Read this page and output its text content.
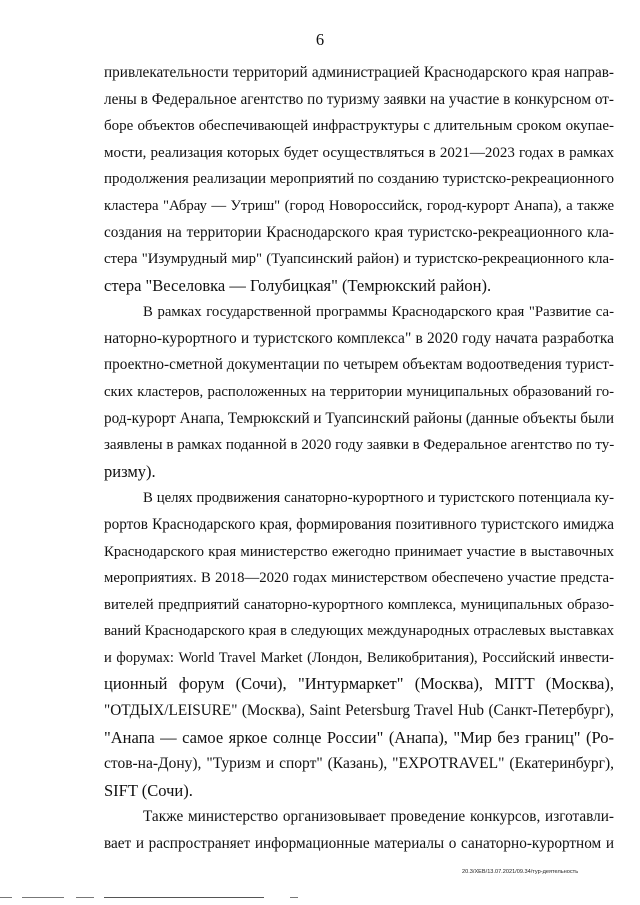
6
привлекательности территорий администрацией Краснодарского края направ-
лены в Федеральное агентство по туризму заявки на участие в конкурсном от-
боре объектов обеспечивающей инфраструктуры с длительным сроком окупае-
мости, реализация которых будет осуществляться в 2021—2023 годах в рамках
продолжения реализации мероприятий по созданию туристско-рекреационного
кластера "Абрау — Утриш" (город Новороссийск, город-курорт Анапа), а также
создания на территории Краснодарского края туристско-рекреационного кла-
стера "Изумрудный мир" (Туапсинский район) и туристско-рекреационного кла-
стера "Веселовка — Голубицкая" (Темрюкский район).
В рамках государственной программы Краснодарского края "Развитие са-
наторно-курортного и туристского комплекса" в 2020 году начата разработка
проектно-сметной документации по четырем объектам водоотведения турист-
ских кластеров, расположенных на территории муниципальных образований го-
род-курорт Анапа, Темрюкский и Туапсинский районы (данные объекты были
заявлены в рамках поданной в 2020 году заявки в Федеральное агентство по ту-
ризму).
В целях продвижения санаторно-курортного и туристского потенциала ку-
рортов Краснодарского края, формирования позитивного туристского имиджа
Краснодарского края министерство ежегодно принимает участие в выставочных
мероприятиях. В 2018—2020 годах министерством обеспечено участие предста-
вителей предприятий санаторно-курортного комплекса, муниципальных образо-
ваний Краснодарского края в следующих международных отраслевых выставках
и форумах: World Travel Market (Лондон, Великобритания), Российский инвести-
ционный форум (Сочи), "Интурмаркет" (Москва), MITT (Москва),
"ОТДЫХ/LEISURE" (Москва), Saint Petersburg Travel Hub (Санкт-Петербург),
"Анапа — самое яркое солнце России" (Анапа), "Мир без границ" (Ро-
стов-на-Дону), "Туризм и спорт" (Казань), "EXPOTRAVEL" (Екатеринбург),
SIFT (Сочи).
Также министерство организовывает проведение конкурсов, изготавли-
вает и распространяет информационные материалы о санаторно-курортном и
20.3/ХЕВ/13.07.2021/09.34/тур-деятельность
